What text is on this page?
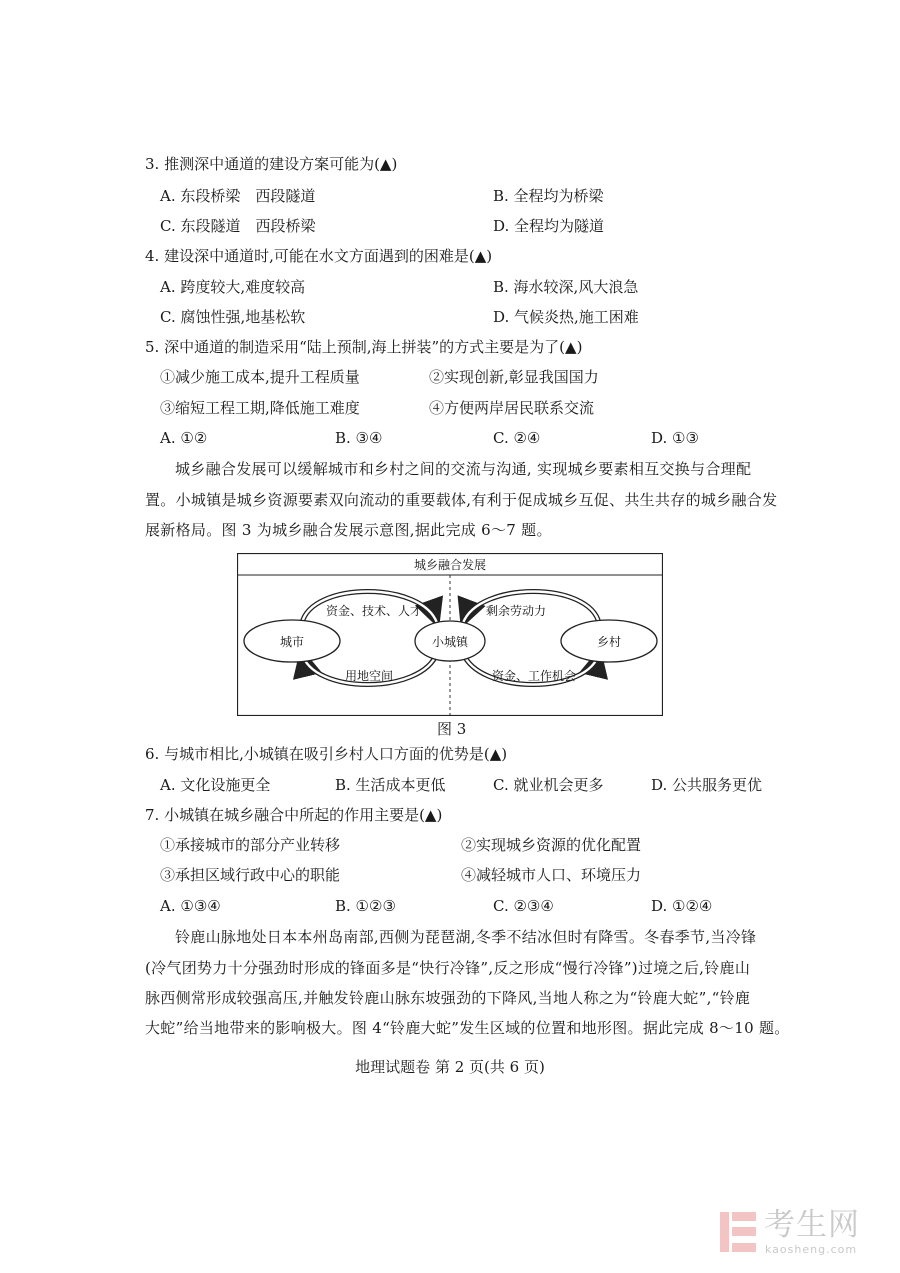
3. 推测深中通道的建设方案可能为(▲)
A. 东段桥梁　西段隧道	B. 全程均为桥梁
C. 东段隧道　西段桥梁	D. 全程均为隧道
4. 建设深中通道时,可能在水文方面遇到的困难是(▲)
A. 跨度较大,难度较高	B. 海水较深,风大浪急
C. 腐蚀性强,地基松软	D. 气候炎热,施工困难
5. 深中通道的制造采用“陆上预制,海上拼装”的方式主要是为了(▲)
①减少施工成本,提升工程质量	②实现创新,彰显我国国力
③缩短工程工期,降低施工难度	④方便两岸居民联系交流
A. ①②	B. ③④	C. ②④	D. ①③
城乡融合发展可以缓解城市和乡村之间的交流与沟通, 实现城乡要素相互交换与合理配
置。小城镇是城乡资源要素双向流动的重要载体,有利于促成城乡互促、共生共存的城乡融合发
展新格局。图 3 为城乡融合发展示意图,据此完成 6～7 题。
城乡融合发展
城市	小城镇	乡村
资金、技术、人才
用地空间
剩余劳动力
资金、工作机会
图 3
6. 与城市相比,小城镇在吸引乡村人口方面的优势是(▲)
A. 文化设施更全	B. 生活成本更低	C. 就业机会更多	D. 公共服务更优
7. 小城镇在城乡融合中所起的作用主要是(▲)
①承接城市的部分产业转移	②实现城乡资源的优化配置
③承担区域行政中心的职能	④减轻城市人口、环境压力
A. ①③④	B. ①②③	C. ②③④	D. ①②④
铃鹿山脉地处日本本州岛南部,西侧为琵琶湖,冬季不结冰但时有降雪。冬春季节,当冷锋
(冷气团势力十分强劲时形成的锋面多是“快行冷锋”,反之形成“慢行冷锋”)过境之后,铃鹿山
脉西侧常形成较强高压,并触发铃鹿山脉东坡强劲的下降风,当地人称之为“铃鹿大蛇”,“铃鹿
大蛇”给当地带来的影响极大。图 4“铃鹿大蛇”发生区域的位置和地形图。据此完成 8～10 题。
地理试题卷 第 2 页(共 6 页)
考生网
kaosheng.com
